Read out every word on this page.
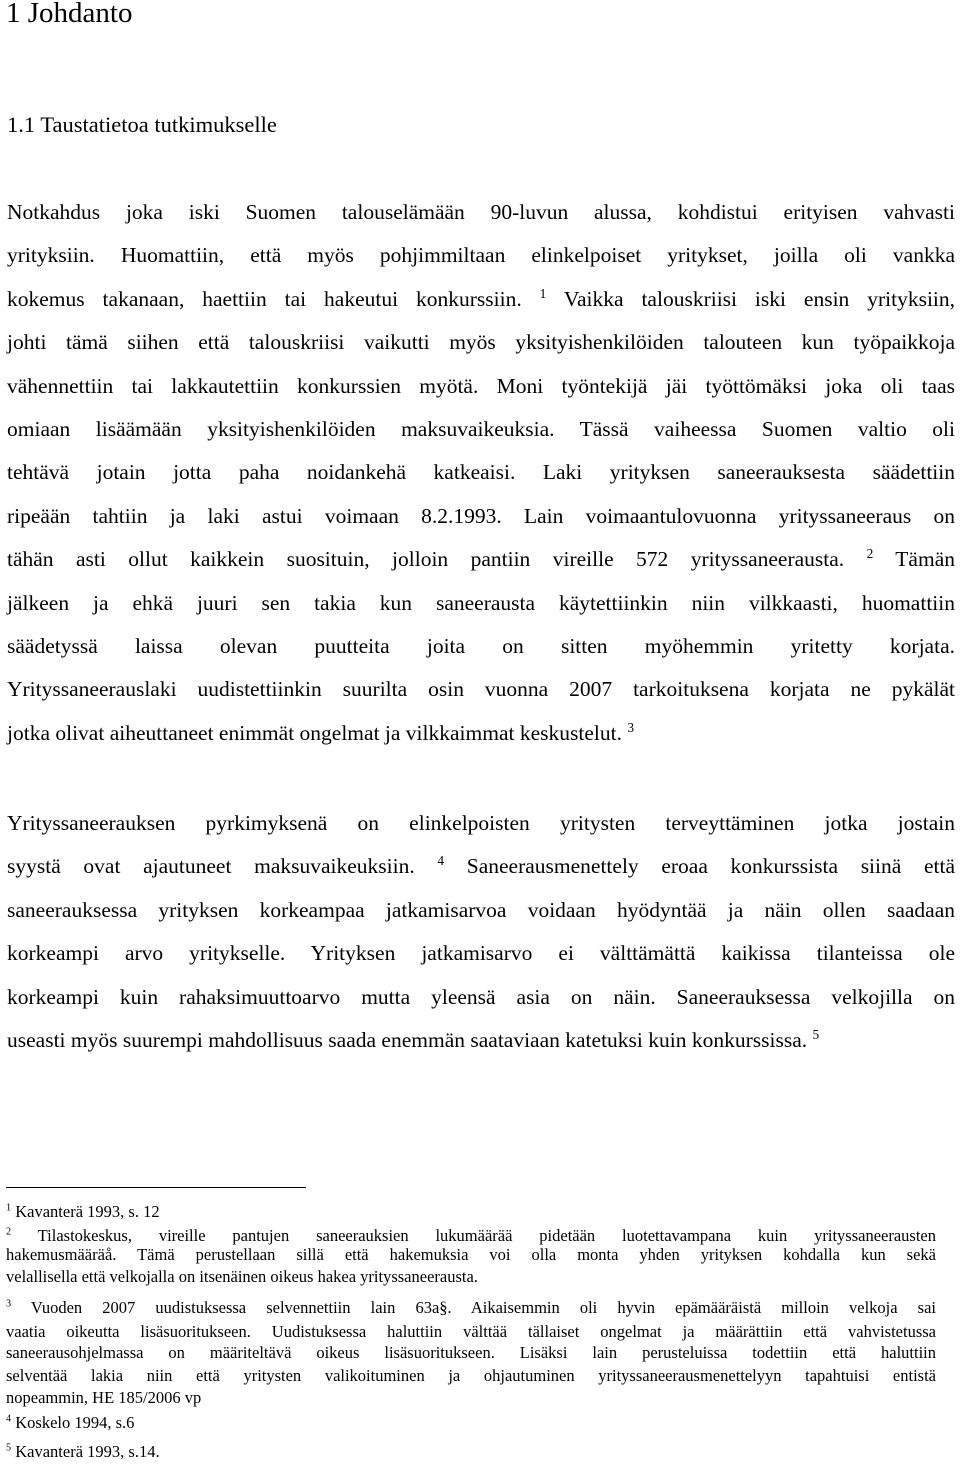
1 Johdanto
1.1 Taustatietoa tutkimukselle
Notkahdus joka iski Suomen talouselämään 90-luvun alussa, kohdistui erityisen vahvasti
yrityksiin. Huomattiin, että myös pohjimmiltaan elinkelpoiset yritykset, joilla oli vankka
kokemus takanaan, haettiin tai hakeutui konkurssiin. $^1$ Vaikka talouskriisi iski ensin yrityksiin,
johti tämä siihen että talouskriisi vaikutti myös yksityishenkilöiden talouteen kun työpaikkoja
vähennettiin tai lakkautettiin konkurssien myötä. Moni työntekijä jäi työttömäksi joka oli taas
omiaan lisäämään yksityishenkilöiden maksuvaikeuksia. Tässä vaiheessa Suomen valtio oli
tehtävä jotain jotta paha noidankehä katkeaisi. Laki yrityksen saneerauksesta säädettiin
ripeään tahtiin ja laki astui voimaan 8.2.1993. Lain voimaantulovuonna yrityssaneeraus on
tähän asti ollut kaikkein suosituin, jolloin pantiin vireille 572 yrityssaneerausta. $^2$ Tämän
jälkeen ja ehkä juuri sen takia kun saneerausta käytettiinkin niin vilkkaasti, huomattiin
säädetyssä laissa olevan puutteita joita on sitten myöhemmin yritetty korjata.
Yrityssaneerauslaki uudistettiinkin suurilta osin vuonna 2007 tarkoituksena korjata ne pykälät
jotka olivat aiheuttaneet enimmät ongelmat ja vilkkaimmat keskustelut. $^3$
Yrityssaneerauksen pyrkimyksenä on elinkelpoisten yritysten terveyttäminen jotka jostain
syystä ovat ajautuneet maksuvaikeuksiin. $^4$ Saneerausmenettely eroaa konkurssista siinä että
saneerauksessa yrityksen korkeampaa jatkamisarvoa voidaan hyödyntää ja näin ollen saadaan
korkeampi arvo yritykselle. Yrityksen jatkamisarvo ei välttämättä kaikissa tilanteissa ole
korkeampi kuin rahaksimuuttoarvo mutta yleensä asia on näin. Saneerauksessa velkojilla on
useasti myös suurempi mahdollisuus saada enemmän saataviaan katetuksi kuin konkurssissa. $^5$
$^1$ Kavanterä 1993, s. 12
$^2$ Tilastokeskus, vireille pantujen saneerauksien lukumäärää pidetään luotettavampana kuin yrityssaneerausten
hakemusmääräå. Tämä perustellaan sillä että hakemuksia voi olla monta yhden yrityksen kohdalla kun sekä
velallisella että velkojalla on itsenäinen oikeus hakea yrityssaneerausta.
$^3$ Vuoden 2007 uudistuksessa selvennettiin lain 63a§. Aikaisemmin oli hyvin epämääräistä milloin velkoja sai
vaatia oikeutta lisäsuoritukseen. Uudistuksessa haluttiin välttää tällaiset ongelmat ja määrättiin että vahvistetussa
saneerausohjelmassa on määriteltävä oikeus lisäsuoritukseen. Lisäksi lain perusteluissa todettiin että haluttiin
selventää lakia niin että yritysten valikoituminen ja ohjautuminen yrityssaneerausmenettelyyn tapahtuisi entistä
nopeammin, HE 185/2006 vp
$^4$ Koskelo 1994, s.6
$^5$ Kavanterä 1993, s.14.
